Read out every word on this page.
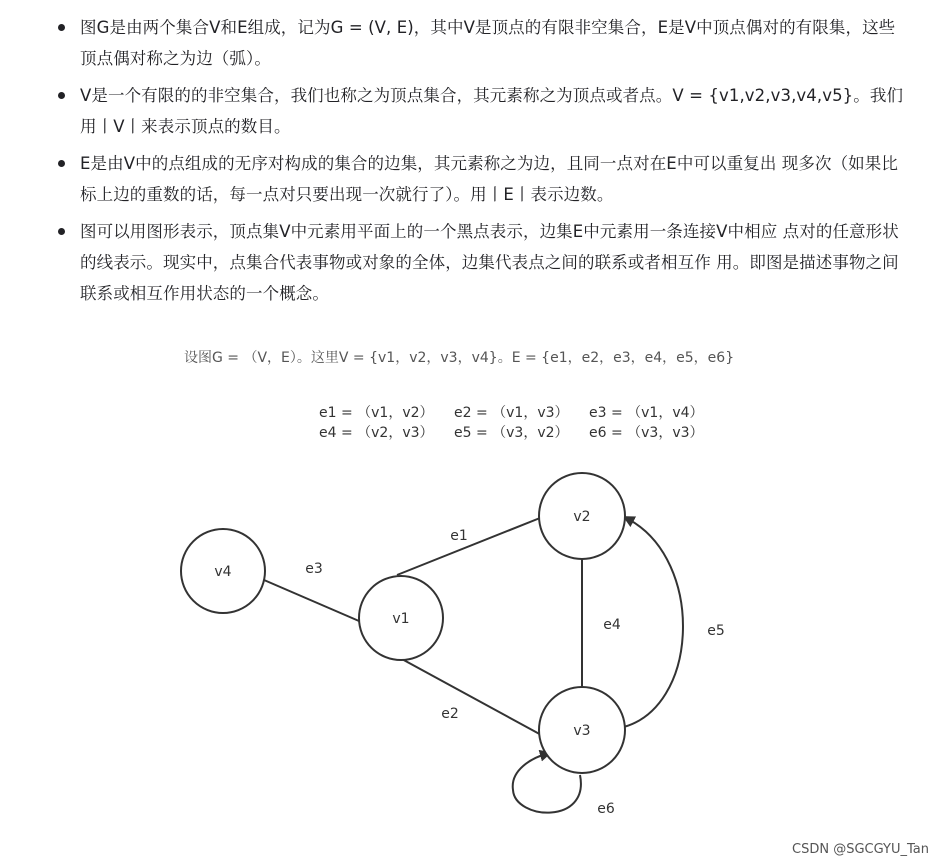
图G是由两个集合V和E组成，记为G = (V, E)，其中V是顶点的有限非空集合，E是V中顶点偶对的有限集，这些顶点偶对称之为边（弧）。
V是一个有限的的非空集合，我们也称之为顶点集合，其元素称之为顶点或者点。V = {v1,v2,v3,v4,v5}。我们用丨V丨来表示顶点的数目。
E是由V中的点组成的无序对构成的集合的边集，其元素称之为边，且同一点对在E中可以重复出 现多次（如果比标上边的重数的话，每一点对只要出现一次就行了）。用丨E丨表示边数。
图可以用图形表示，顶点集V中元素用平面上的一个黑点表示，边集E中元素用一条连接V中相应 点对的任意形状的线表示。现实中，点集合代表事物或对象的全体，边集代表点之间的联系或者相互作 用。即图是描述事物之间联系或相互作用状态的一个概念。
设图G = （V，E）。这里V = {v1，v2，v3，v4}。E = {e1，e2，e3，e4，e5，e6}
e1 = （v1，v2） e2 = （v1，v3） e3 = （v1，v4）
e4 = （v2，v3） e5 = （v3，v2） e6 = （v3，v3）
v4
v1
v2
v3
e1
e2
e3
e4	e5
e6
CSDN @SGCGYU_Tan
